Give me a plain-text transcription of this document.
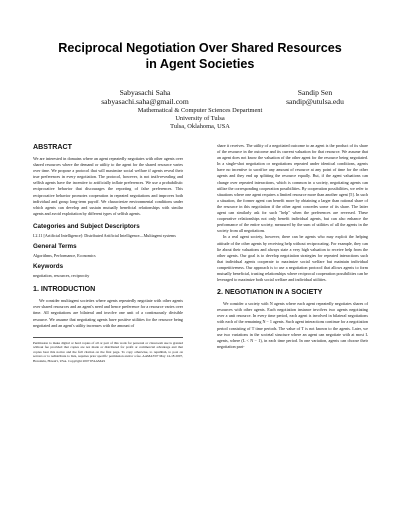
Reciprocal Negotiation Over Shared Resources
in Agent Societies
Sabyasachi Saha
sabyasachi.saha@gmail.com
Sandip Sen
sandip@utulsa.edu
Mathematical & Computer Sciences Department
University of Tulsa
Tulsa, Oklahoma, USA
ABSTRACT

We are interested in domains where an agent repeatedly negotiates with other agents over shared resources where the demand or utility to the agent for the shared resource varies over time. We propose a protocol that will maximize social welfare if agents reveal their true preferences in every negotiation. The protocol, however, is not truth-revealing and selfish agents have the incentive to artificially inflate preferences. We use a probabilistic reciprocative behavior that discourages the reporting of false preferences. This reciprocative behavior promotes cooperation in repeated negotiations and improves both individual and group long-term payoff. We characterize environmental conditions under which agents can develop and sustain mutually beneficial relationships with similar agents and avoid exploitation by different types of selfish agents.

Categories and Subject Descriptors

I.2.11 [Artificial Intelligence]: Distributed Artificial Intelligence—Multiagent systems

General Terms

Algorithms, Performance, Economics

Keywords

negotiation, resources, reciprocity

1. INTRODUCTION

We consider multiagent societies where agents repeatedly negotiate with other agents over shared resources and an agent's need and hence preference for a resource varies over time. All negotiations are bilateral and involve one unit of a continuously divisible resource. We assume that negotiating agents have positive utilities for the resource being negotiated and an agent's utility increases with the amount of

Permission to make digital or hard copies of all or part of this work for personal or classroom use is granted without fee provided that copies are not made or distributed for profit or commercial advantage and that copies bear this notice and the full citation on the first page. To copy otherwise, to republish, to post on servers or to redistribute to lists, requires prior specific permission and/or a fee. AAMAS'07 May 14-18 2007, Honolulu, Hawai'i, USA. Copyright 2007 IFAAMAS

share it receives. The utility of a negotiated outcome to an agent is the product of its share of the resource in the outcome and its current valuation for that resource. We assume that an agent does not know the valuation of the other agent for the resource being negotiated. In a single-shot negotiation or negotiations repeated under identical conditions, agents have no incentive to sacrifice any amount of resource at any point of time for the other agents and they end up splitting the resource equally. But, if the agent valuations can change over repeated interactions, which is common in a society, negotiating agents can utilize the corresponding cooperation possibilities. By cooperation possibilities, we refer to situations where one agent requires a limited resource more than another agent [5]. In such a situation, the former agent can benefit more by obtaining a larger than rational share of the resource in this negotiation if the other agent concedes some of its share. The latter agent can similarly ask for such "help" when the preferences are reversed. These cooperative relationships not only benefit individual agents, but can also enhance the performance of the entire society, measured by the sum of utilities of all the agents in the society from all negotiations.

In a real agent society, however, there can be agents who may exploit the helping attitude of the other agents by receiving help without reciprocating. For example, they can lie about their valuations and always state a very high valuation to receive help from the other agents. Our goal is to develop negotiation strategies for repeated interactions such that individual agents cooperate to maximize social welfare but maintain individual competitiveness. Our approach is to use a negotiation protocol that allows agents to form mutually beneficial, trusting relationships where reciprocal cooperation possibilities can be leveraged to maximize both social welfare and individual utilities.

2. NEGOTIATION IN A SOCIETY

We consider a society with N agents where each agent repeatedly negotiates shares of resources with other agents. Each negotiation instance involves two agents negotiating over a unit resource. In every time period, each agent is involved in bilateral negotiations with each of the remaining N − 1 agents. Such agent interactions continue for a negotiation period consisting of T time periods. The value of T is not known to the agents. Later, we use two variations in the societal structure where an agent can negotiate with at most L agents, where (L < N − 1), in each time period. In one variation, agents can choose their negotiation part-
